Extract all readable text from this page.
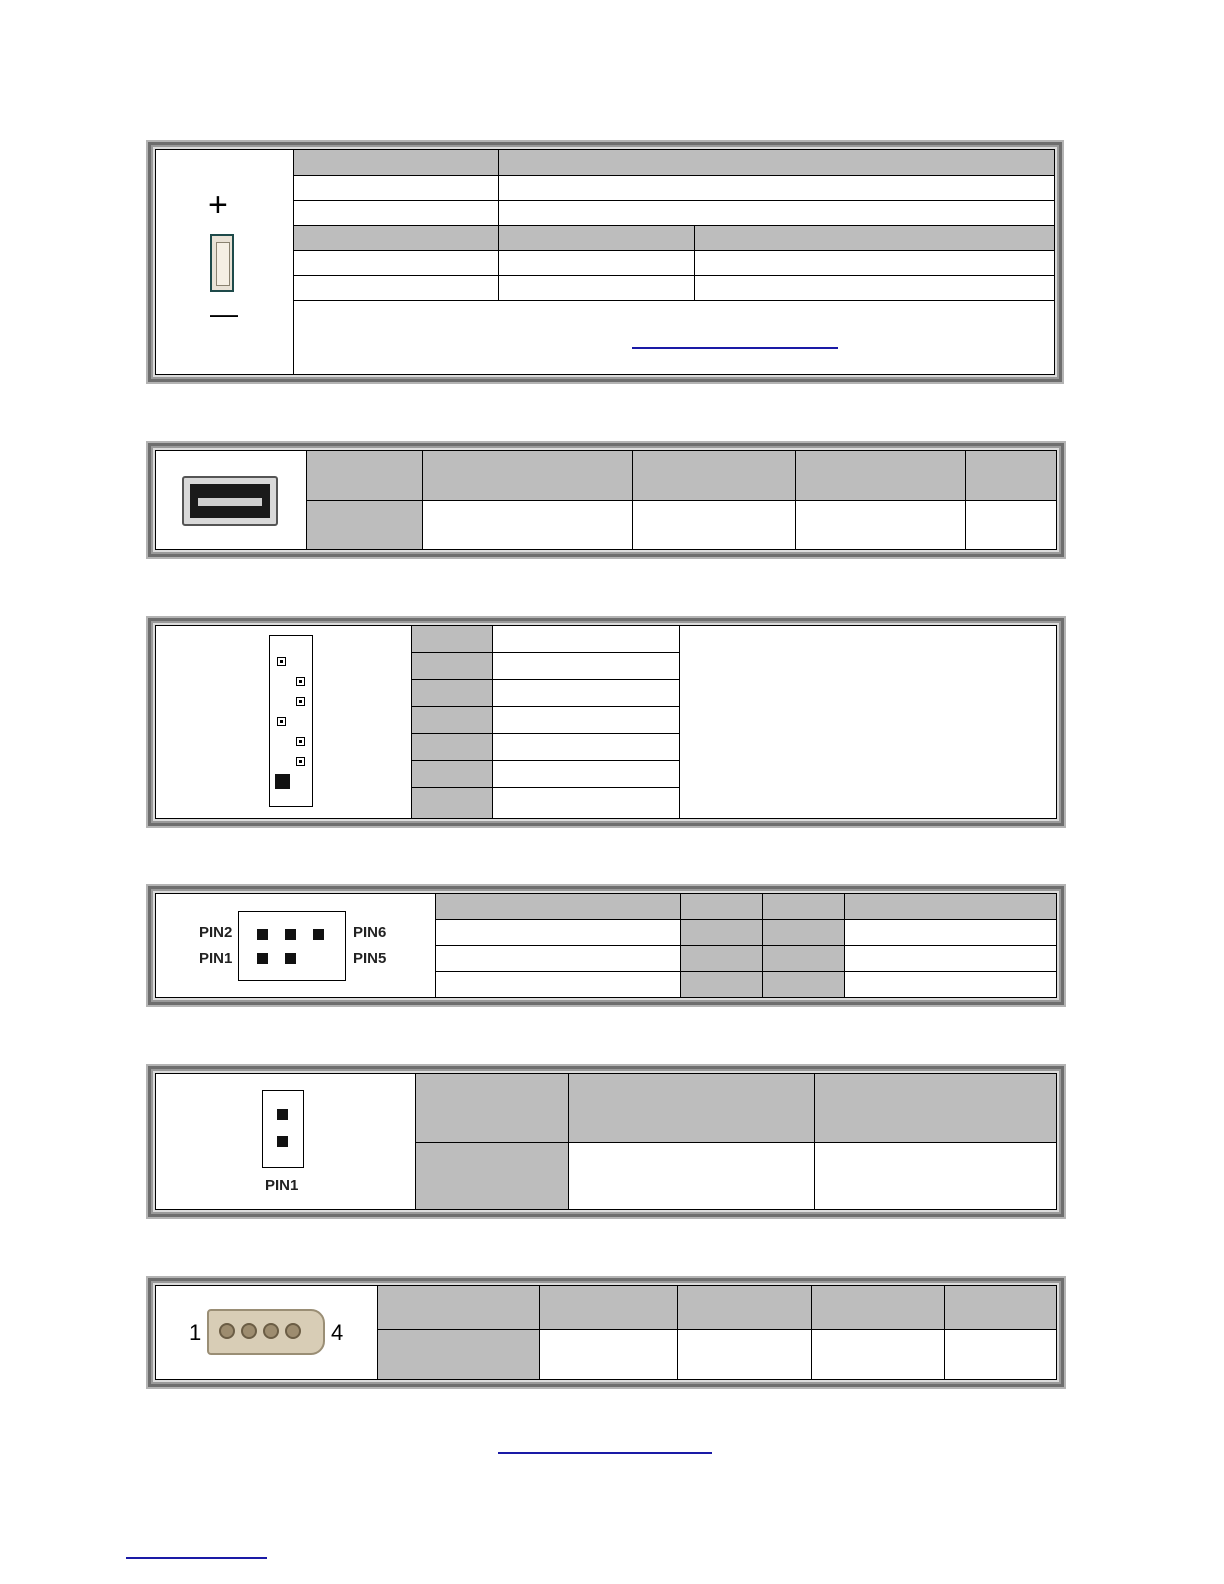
+
—			

PIN2
PIN1
PIN6
PIN5				

PIN1			

1 4					
